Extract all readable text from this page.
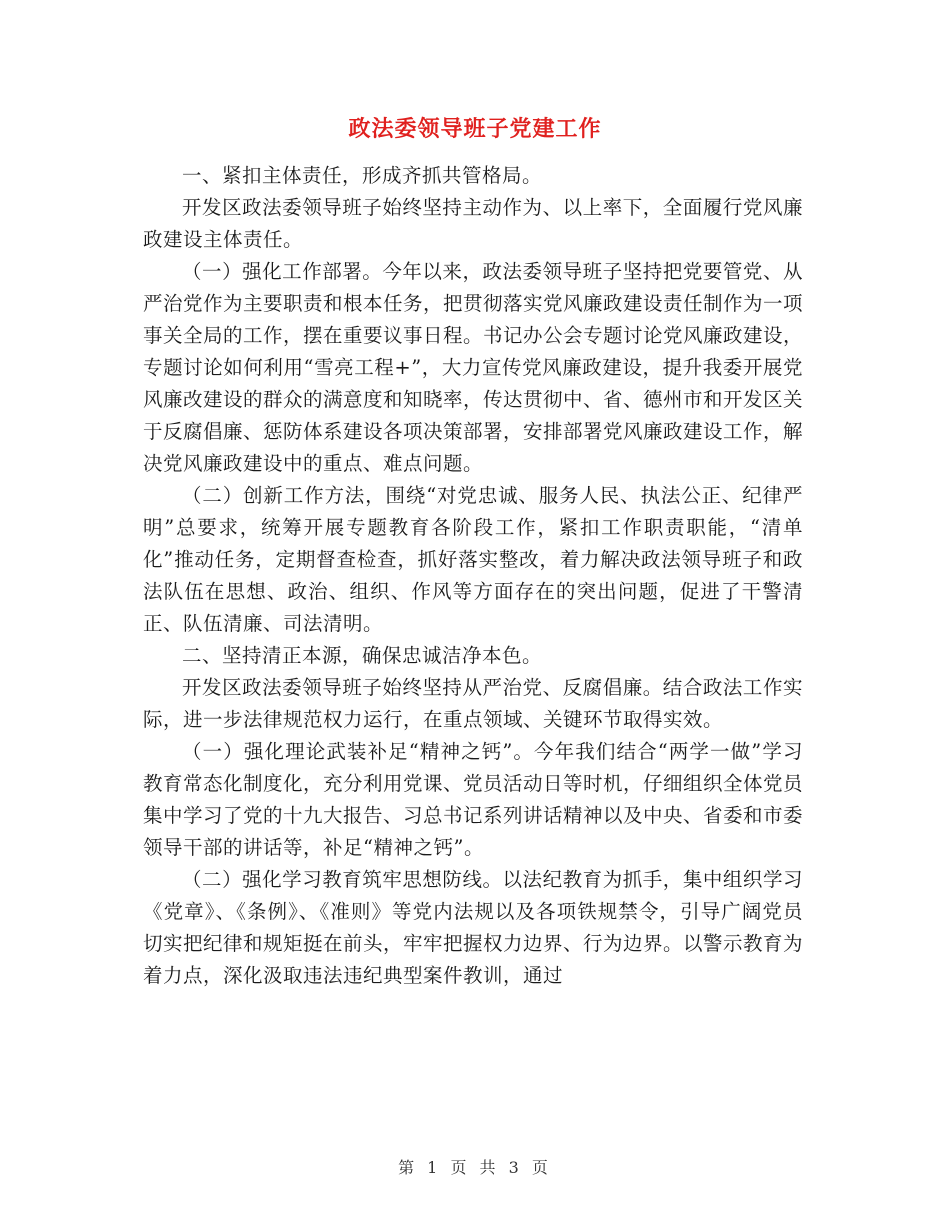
政法委领导班子党建工作

一、紧扣主体责任，形成齐抓共管格局。

开发区政法委领导班子始终坚持主动作为、以上率下，全面履行党风廉政建设主体责任。

（一）强化工作部署。今年以来，政法委领导班子坚持把党要管党、从严治党作为主要职责和根本任务，把贯彻落实党风廉政建设责任制作为一项事关全局的工作，摆在重要议事日程。书记办公会专题讨论党风廉政建设，专题讨论如何利用“雪亮工程+”，大力宣传党风廉政建设，提升我委开展党风廉改建设的群众的满意度和知晓率，传达贯彻中、省、德州市和开发区关于反腐倡廉、惩防体系建设各项决策部署，安排部署党风廉政建设工作，解决党风廉政建设中的重点、难点问题。

（二）创新工作方法，围绕“对党忠诚、服务人民、执法公正、纪律严明”总要求，统筹开展专题教育各阶段工作，紧扣工作职责职能，“清单化”推动任务，定期督查检查，抓好落实整改，着力解决政法领导班子和政法队伍在思想、政治、组织、作风等方面存在的突出问题，促进了干警清正、队伍清廉、司法清明。

二、坚持清正本源，确保忠诚洁净本色。

开发区政法委领导班子始终坚持从严治党、反腐倡廉。结合政法工作实际，进一步法律规范权力运行，在重点领域、关键环节取得实效。

（一）强化理论武装补足“精神之钙”。今年我们结合“两学一做”学习教育常态化制度化，充分利用党课、党员活动日等时机，仔细组织全体党员集中学习了党的十九大报告、习总书记系列讲话精神以及中央、省委和市委领导干部的讲话等，补足“精神之钙”。

（二）强化学习教育筑牢思想防线。以法纪教育为抓手，集中组织学习《党章》、《条例》、《准则》等党内法规以及各项铁规禁令，引导广阔党员切实把纪律和规矩挺在前头，牢牢把握权力边界、行为边界。以警示教育为着力点，深化汲取违法违纪典型案件教训，通过

第 1 页 共 3 页
